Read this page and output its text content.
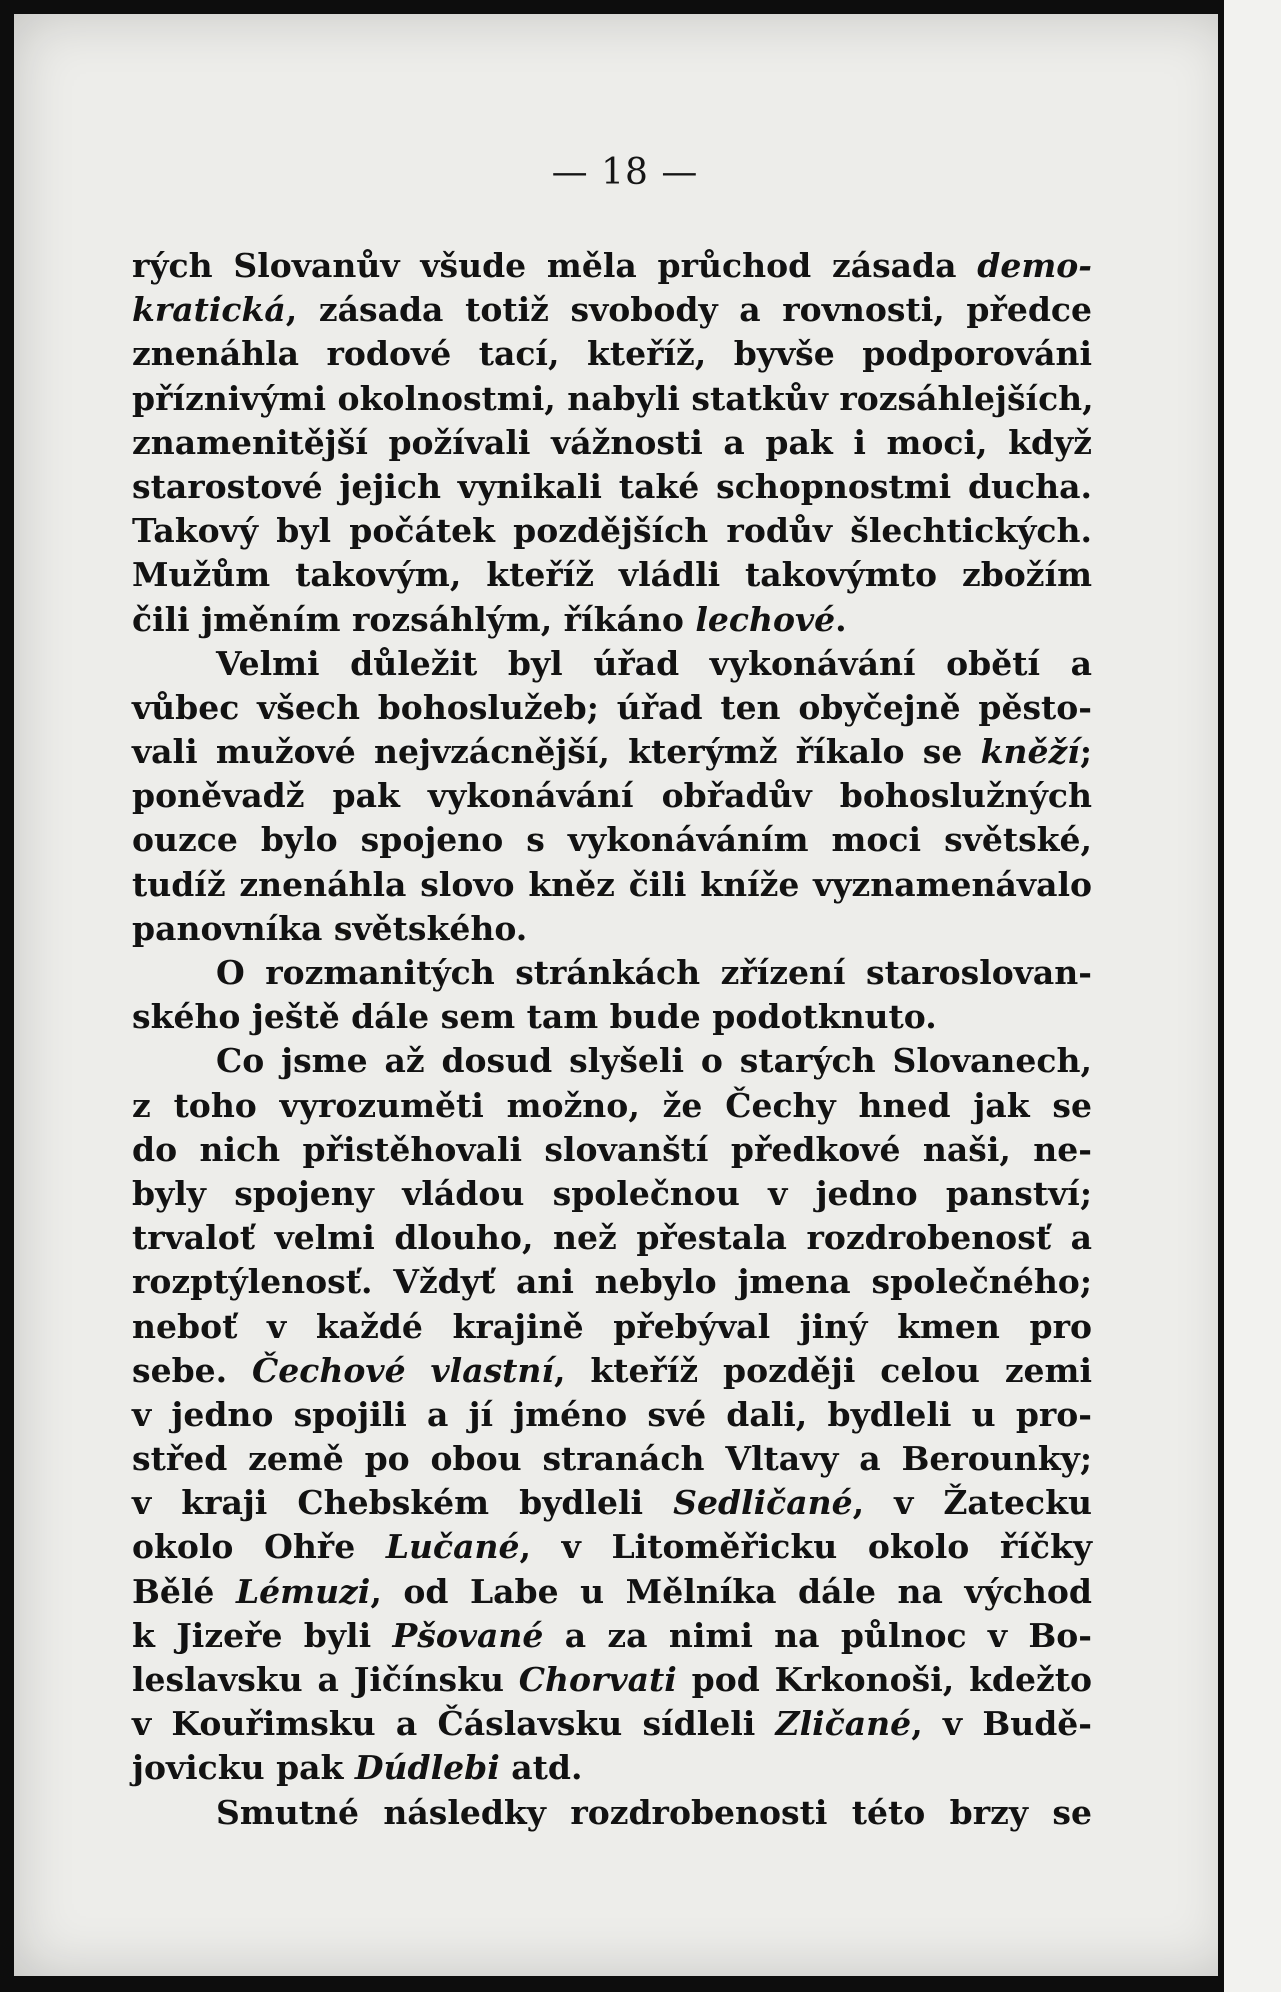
— 18 —
rých Slovanův všude měla průchod zásada demo-
kratická, zásada totiž svobody a rovnosti, předce
znenáhla rodové tací, kteříž, byvše podporováni
příznivými okolnostmi, nabyli statkův rozsáhlejších,
znamenitější požívali vážnosti a pak i moci, když
starostové jejich vynikali také schopnostmi ducha.
Takový byl počátek pozdějších rodův šlechtických.
Mužům takovým, kteříž vládli takovýmto zbožím
čili jměním rozsáhlým, říkáno lechové.
Velmi důležit byl úřad vykonávání obětí a
vůbec všech bohoslužeb; úřad ten obyčejně pěsto-
vali mužové nejvzácnější, kterýmž říkalo se kněží;
poněvadž pak vykonávání obřadův bohoslužných
ouzce bylo spojeno s vykonáváním moci světské,
tudíž znenáhla slovo kněz čili kníže vyznamenávalo
panovníka světského.
O rozmanitých stránkách zřízení staroslovan-
ského ještě dále sem tam bude podotknuto.
Co jsme až dosud slyšeli o starých Slovanech,
z toho vyrozuměti možno, že Čechy hned jak se
do nich přistěhovali slovanští předkové naši, ne-
byly spojeny vládou společnou v jedno panství;
trvaloť velmi dlouho, než přestala rozdrobenosť a
rozptýlenosť. Vždyť ani nebylo jmena společného;
neboť v každé krajině přebýval jiný kmen pro
sebe. Čechové vlastní, kteříž později celou zemi
v jedno spojili a jí jméno své dali, bydleli u pro-
střed země po obou stranách Vltavy a Berounky;
v kraji Chebském bydleli Sedličané, v Žatecku
okolo Ohře Lučané, v Litoměřicku okolo říčky
Bělé Lémuzi, od Labe u Mělníka dále na východ
k Jizeře byli Pšované a za nimi na půlnoc v Bo-
leslavsku a Jičínsku Chorvati pod Krkonoši, kdežto
v Kouřimsku a Čáslavsku sídleli Zličané, v Budě-
jovicku pak Dúdlebi atd.
Smutné následky rozdrobenosti této brzy se
